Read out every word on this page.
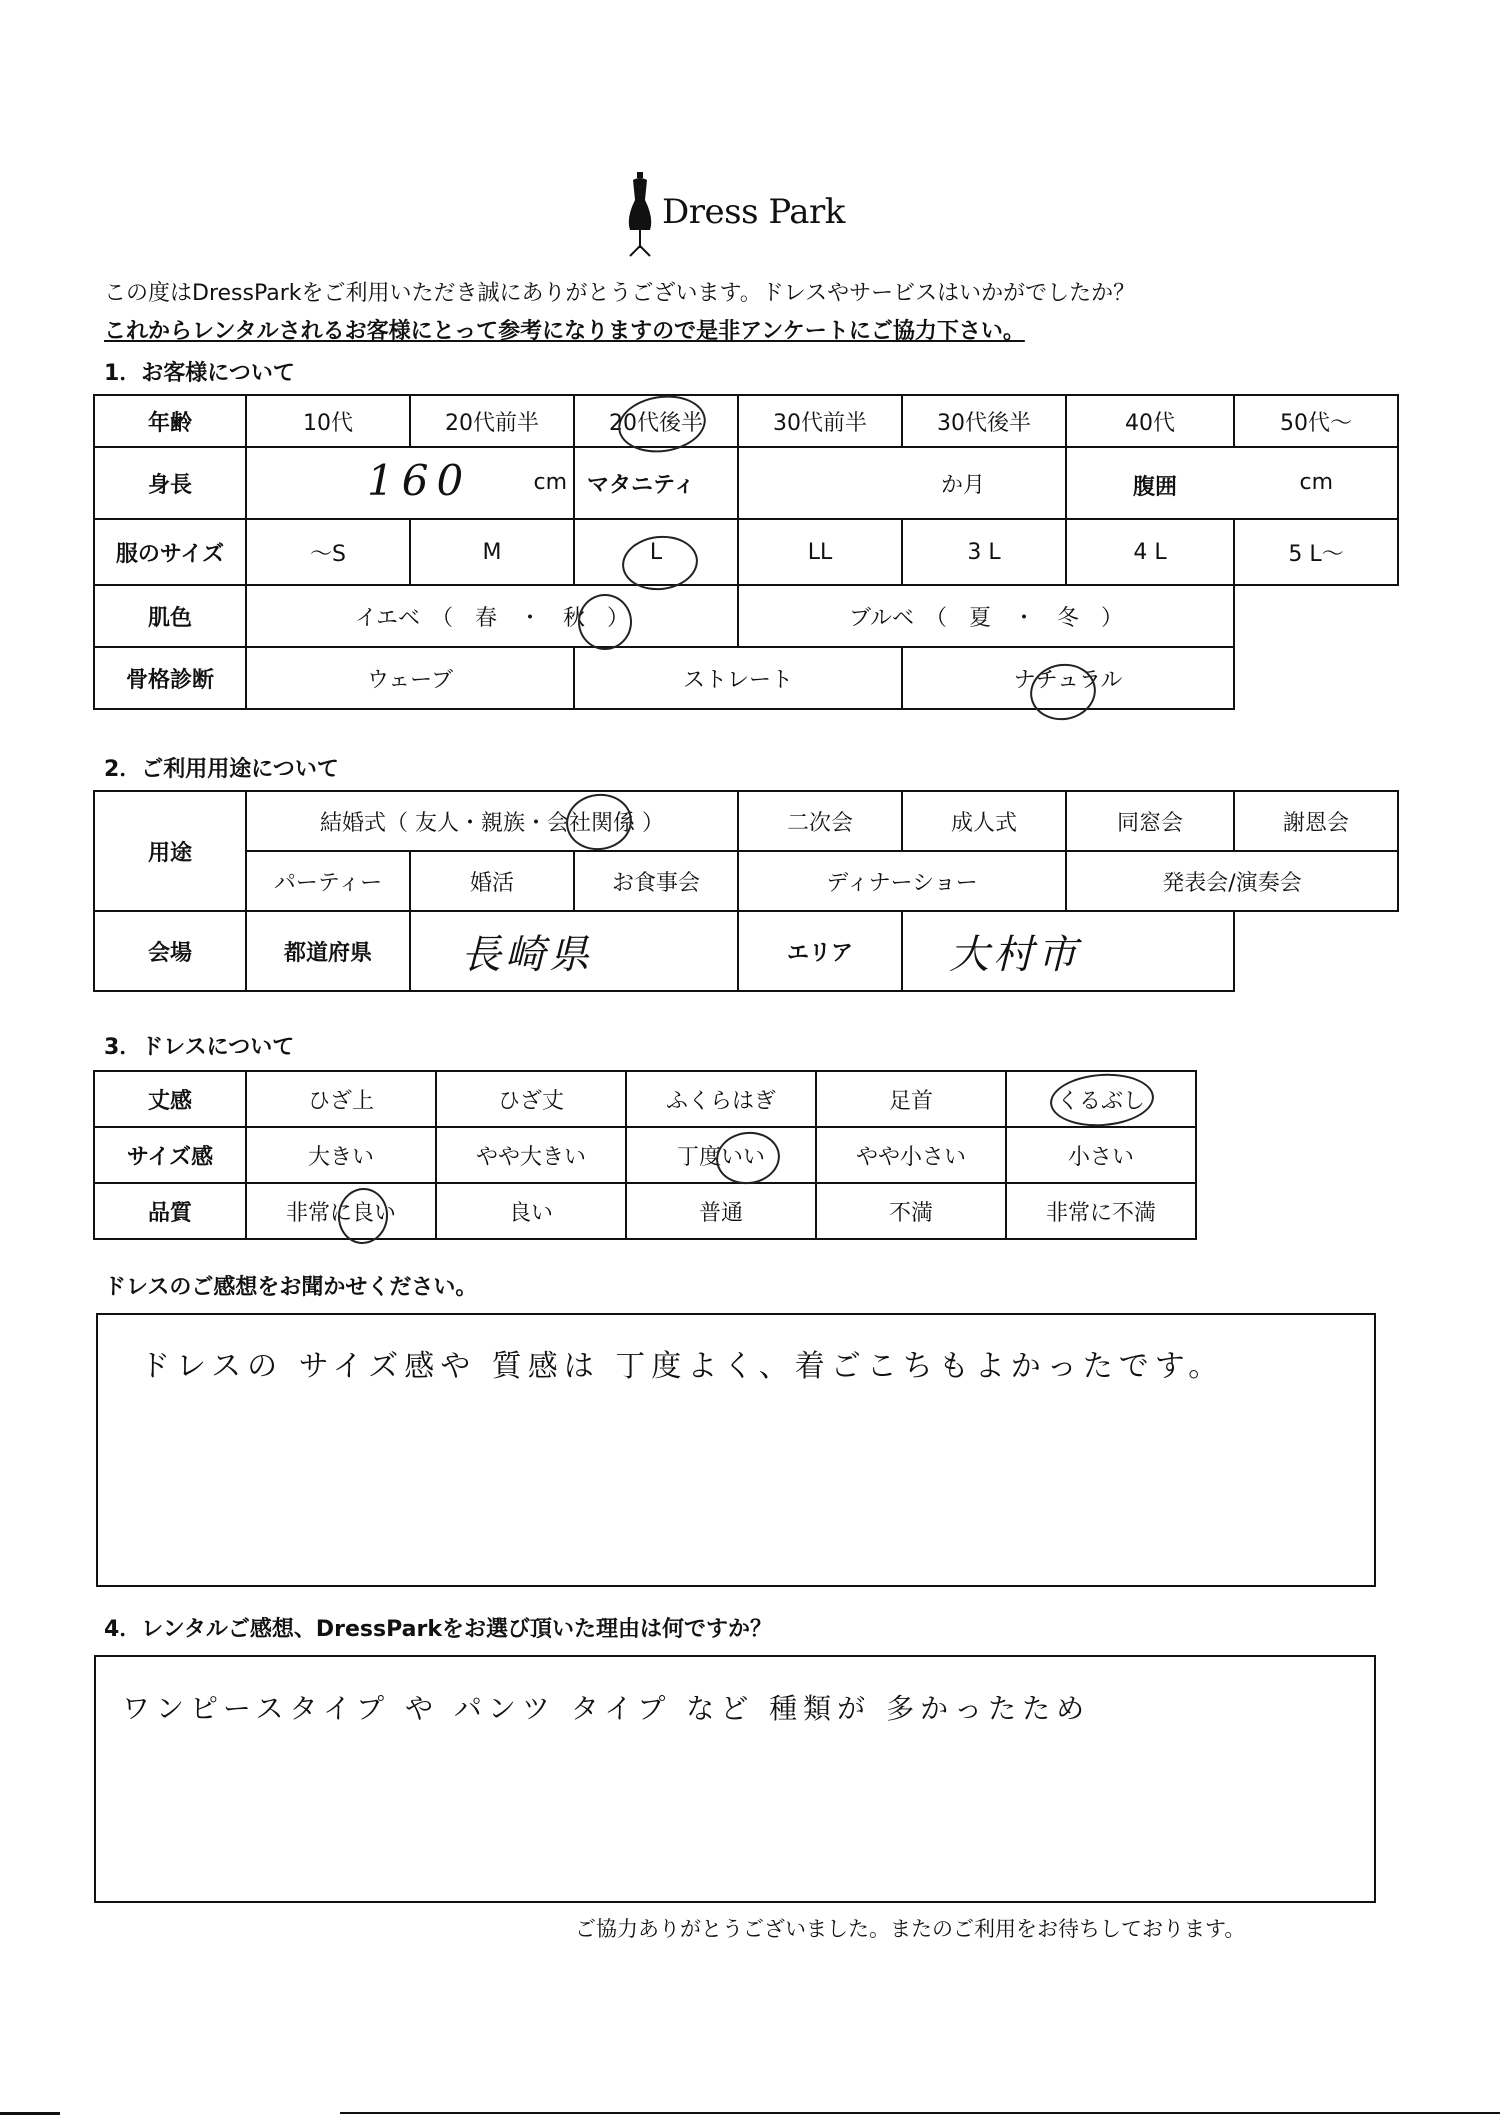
Dress Park
この度はDressParkをご利用いただき誠にありがとうございます。ドレスやサービスはいかがでしたか？
これからレンタルされるお客様にとって参考になりますので是非アンケートにご協力下さい。
1．お客様について
年齢	10代	20代前半	20代後半	30代前半	30代後半	40代	50代～
身長	160 cm		マタニティ	か月		腹囲 cm	

服のサイズ	～S	M	L	LL	3 L	4 L	5 L～
肌色	イエベ　（　春　・　秋　）			ブルベ　（　夏　・　冬　）			
骨格診断	ウェーブ		ストレート		ナチュラル		
2．ご利用用途について
用途	結婚式（ 友人・親族・会社関係 ）			二次会	成人式	同窓会	謝恩会
	パーティー	婚活	お食事会	ディナーショー		発表会/演奏会	
会場	都道府県	長崎県		エリア	大村市		
3．ドレスについて
丈感	ひざ上	ひざ丈	ふくらはぎ	足首	くるぶし
サイズ感	大きい	やや大きい	丁度いい	やや小さい	小さい
品質	非常に良い	良い	普通	不満	非常に不満
ドレスのご感想をお聞かせください。
ドレスの サイズ感や 質感は 丁度よく、着ごこちもよかったです。
4．レンタルご感想、DressParkをお選び頂いた理由は何ですか？
ワンピースタイプ や パンツ タイプ など 種類が 多かったため
ご協力ありがとうございました。またのご利用をお待ちしております。
